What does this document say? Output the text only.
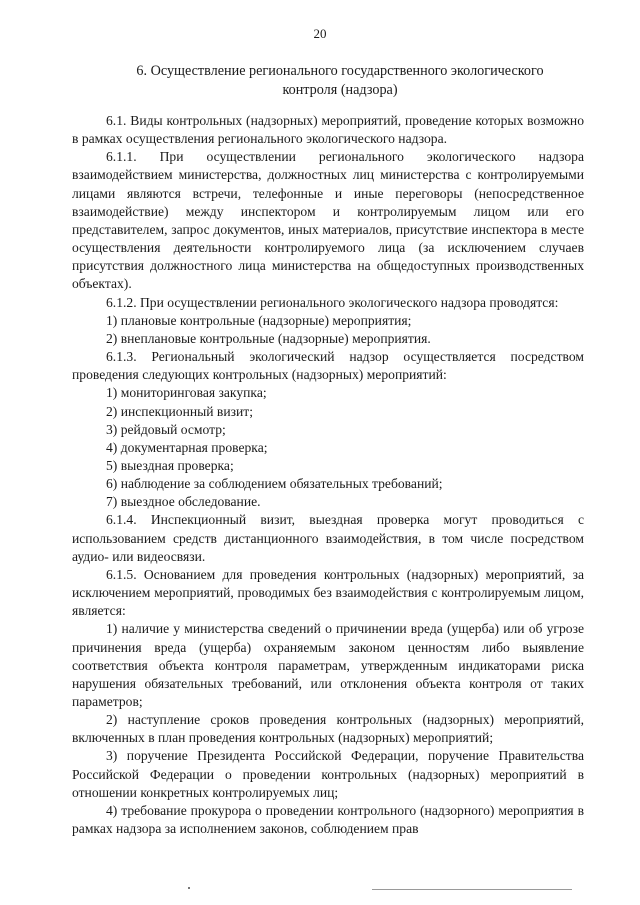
20
6. Осуществление регионального государственного экологического
контроля (надзора)

6.1. Виды контрольных (надзорных) мероприятий, проведение которых возможно в рамках осуществления регионального экологического надзора.

6.1.1. При осуществлении регионального экологического надзора взаимодействием министерства, должностных лиц министерства с контролируемыми лицами являются встречи, телефонные и иные переговоры (непосредственное взаимодействие) между инспектором и контролируемым лицом или его представителем, запрос документов, иных материалов, присутствие инспектора в месте осуществления деятельности контролируемого лица (за исключением случаев присутствия должностного лица министерства на общедоступных производственных объектах).

6.1.2. При осуществлении регионального экологического надзора проводятся:

1) плановые контрольные (надзорные) мероприятия;

2) внеплановые контрольные (надзорные) мероприятия.

6.1.3. Региональный экологический надзор осуществляется посредством проведения следующих контрольных (надзорных) мероприятий:

1) мониторинговая закупка;

2) инспекционный визит;

3) рейдовый осмотр;

4) документарная проверка;

5) выездная проверка;

6) наблюдение за соблюдением обязательных требований;

7) выездное обследование.

6.1.4. Инспекционный визит, выездная проверка могут проводиться с использованием средств дистанционного взаимодействия, в том числе посредством аудио- или видеосвязи.

6.1.5. Основанием для проведения контрольных (надзорных) мероприятий, за исключением мероприятий, проводимых без взаимодействия с контролируемым лицом, является:

1) наличие у министерства сведений о причинении вреда (ущерба) или об угрозе причинения вреда (ущерба) охраняемым законом ценностям либо выявление соответствия объекта контроля параметрам, утвержденным индикаторами риска нарушения обязательных требований, или отклонения объекта контроля от таких параметров;

2) наступление сроков проведения контрольных (надзорных) мероприятий, включенных в план проведения контрольных (надзорных) мероприятий;

3) поручение Президента Российской Федерации, поручение Правительства Российской Федерации о проведении контрольных (надзорных) мероприятий в отношении конкретных контролируемых лиц;

4) требование прокурора о проведении контрольного (надзорного) мероприятия в рамках надзора за исполнением законов, соблюдением прав
